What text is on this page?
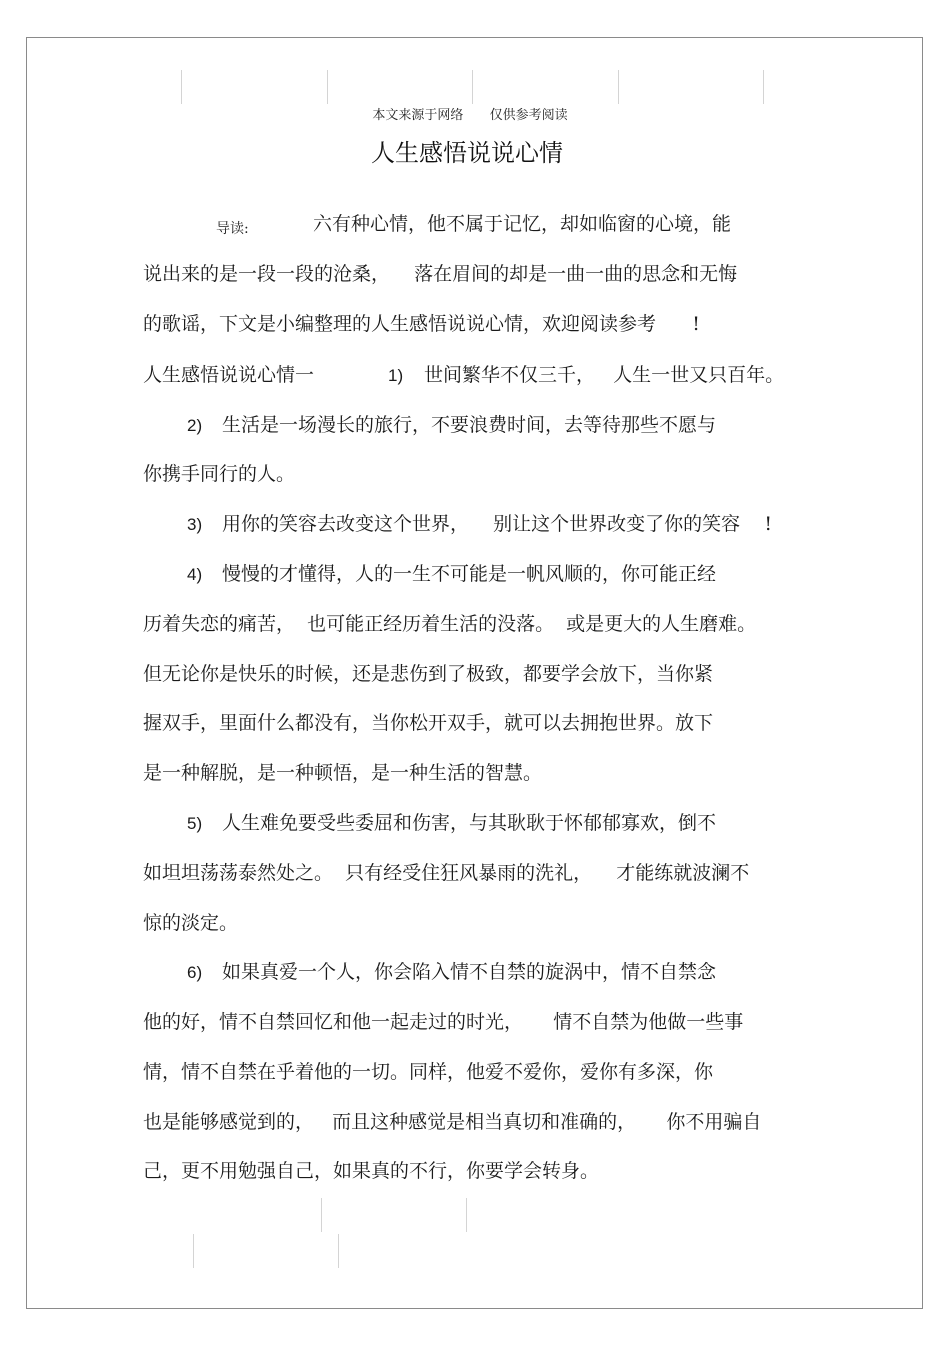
本文来源于网络 仅供参考阅读
人生感悟说说心情
导读:	六有种心情，他不属于记忆，却如临窗的心境，能
说出来的是一段一段的沧桑，    落在眉间的却是一曲一曲的思念和无悔
的歌谣，下文是小编整理的人生感悟说说心情，欢迎阅读参考      !
人生感悟说说心情一	1) 世间繁华不仅三千，   人生一世又只百年。
2) 生活是一场漫长的旅行，不要浪费时间，去等待那些不愿与
你携手同行的人。
3) 用你的笑容去改变这个世界，    别让这个世界改变了你的笑容    !
4) 慢慢的才懂得，人的一生不可能是一帆风顺的，你可能正经
历着失恋的痛苦，  也可能正经历着生活的没落。  或是更大的人生磨难。
但无论你是快乐的时候，还是悲伤到了极致，都要学会放下，当你紧
握双手，里面什么都没有，当你松开双手，就可以去拥抱世界。放下
是一种解脱，是一种顿悟，是一种生活的智慧。
5) 人生难免要受些委屈和伤害，与其耿耿于怀郁郁寡欢，倒不
如坦坦荡荡泰然处之。  只有经受住狂风暴雨的洗礼，    才能练就波澜不
惊的淡定。
6) 如果真爱一个人，你会陷入情不自禁的旋涡中，情不自禁念
他的好，情不自禁回忆和他一起走过的时光，     情不自禁为他做一些事
情，情不自禁在乎着他的一切。同样，他爱不爱你，爱你有多深，你
也是能够感觉到的，   而且这种感觉是相当真切和准确的，     你不用骗自
己，更不用勉强自己，如果真的不行，你要学会转身。
